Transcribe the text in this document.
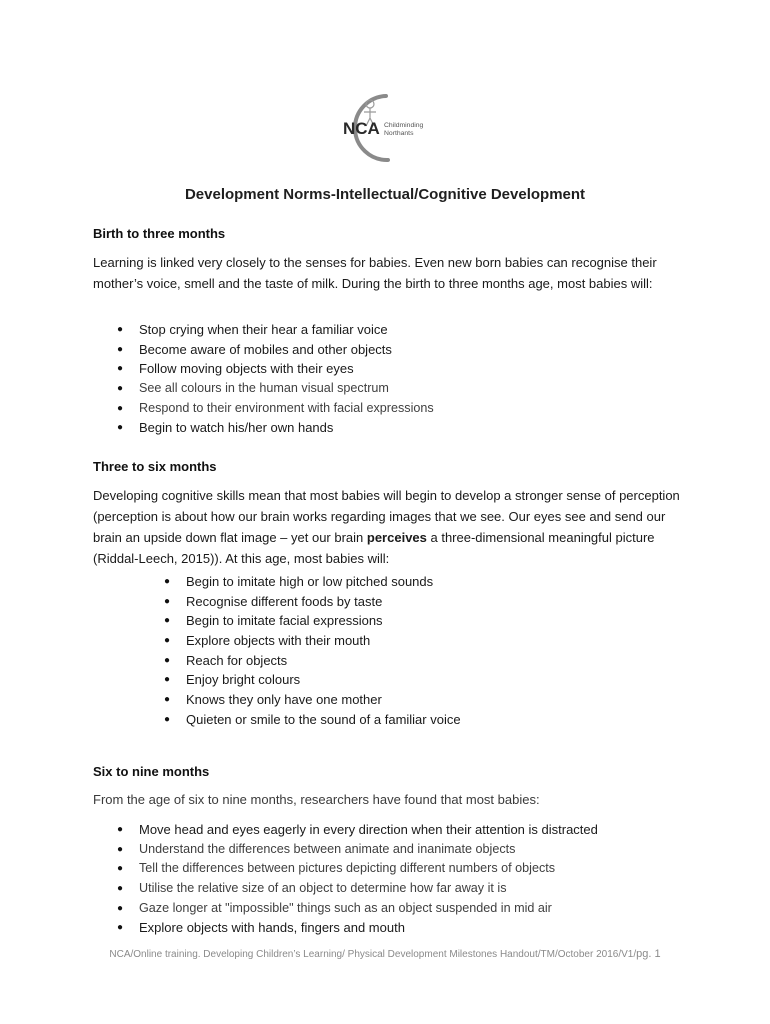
NCA Childminding
Northants
Development Norms-Intellectual/Cognitive Development
Birth to three months
Learning is linked very closely to the senses for babies. Even new born babies can recognise their mother’s voice, smell and the taste of milk. During the birth to three months age, most babies will:
● Stop crying when their hear a familiar voice
● Become aware of mobiles and other objects
● Follow moving objects with their eyes
● See all colours in the human visual spectrum
● Respond to their environment with facial expressions
● Begin to watch his/her own hands
Three to six months
Developing cognitive skills mean that most babies will begin to develop a stronger sense of perception (perception is about how our brain works regarding images that we see. Our eyes see and send our brain an upside down flat image – yet our brain perceives a three-dimensional meaningful picture (Riddal-Leech, 2015)). At this age, most babies will:
● Begin to imitate high or low pitched sounds
● Recognise different foods by taste
● Begin to imitate facial expressions
● Explore objects with their mouth
● Reach for objects
● Enjoy bright colours
● Knows they only have one mother
● Quieten or smile to the sound of a familiar voice
Six to nine months
From the age of six to nine months, researchers have found that most babies:
● Move head and eyes eagerly in every direction when their attention is distracted
● Understand the differences between animate and inanimate objects
● Tell the differences between pictures depicting different numbers of objects
● Utilise the relative size of an object to determine how far away it is
● Gaze longer at "impossible" things such as an object suspended in mid air
● Explore objects with hands, fingers and mouth
NCA/Online training. Developing Children’s Learning/ Physical Development Milestones Handout/TM/October 2016/V1/pg. 1
